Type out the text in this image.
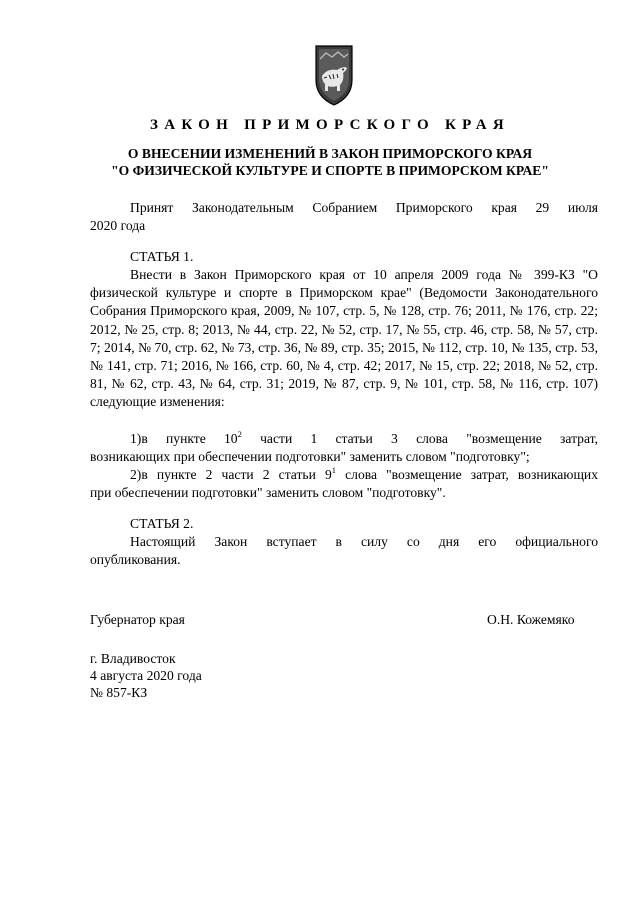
ЗАКОН ПРИМОРСКОГО КРАЯ
О ВНЕСЕНИИ ИЗМЕНЕНИЙ В ЗАКОН ПРИМОРСКОГО КРАЯ
"О ФИЗИЧЕСКОЙ КУЛЬТУРЕ И СПОРТЕ В ПРИМОРСКОМ КРАЕ"
Принят Законодательным Собранием Приморского края 29 июля
2020 года
СТАТЬЯ 1.

Внести в Закон Приморского края от 10 апреля 2009 года № 399-КЗ "О физической культуре и спорте в Приморском крае" (Ведомости Законодательного Собрания Приморского края, 2009, № 107, стр. 5, № 128, стр. 76; 2011, № 176, стр. 22; 2012, № 25, стр. 8; 2013, № 44, стр. 22, № 52, стр. 17, № 55, стр. 46, стр. 58, № 57, стр. 7; 2014, № 70, стр. 62, № 73, стр. 36, № 89, стр. 35; 2015, № 112, стр. 10, № 135, стр. 53, № 141, стр. 71; 2016, № 166, стр. 60, № 4, стр. 42; 2017, № 15, стр. 22; 2018, № 52, стр. 81, № 62, стр. 43, № 64, стр. 31; 2019, № 87, стр. 9, № 101, стр. 58, № 116, стр. 107) следующие изменения:

1)в пункте $10^2$ части 1 статьи 3 слова "возмещение затрат,
возникающих при обеспечении подготовки" заменить словом "подготовку";
2)в пункте 2 части 2 статьи $9^1$ слова "возмещение затрат, возникающих
при обеспечении подготовки" заменить словом "подготовку".
СТАТЬЯ 2.
Настоящий Закон вступает в силу со дня его официального
опубликования.
Губернатор края	О.Н. Кожемяко
г. Владивосток
4 августа 2020 года
№ 857-КЗ
